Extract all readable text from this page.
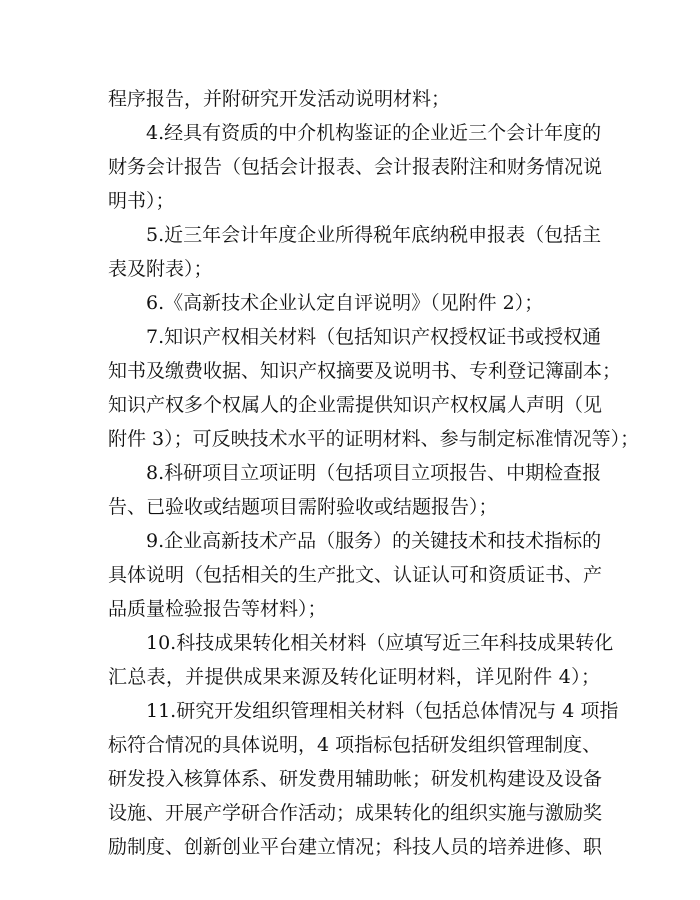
程序报告，并附研究开发活动说明材料；
4.经具有资质的中介机构鉴证的企业近三个会计年度的
财务会计报告（包括会计报表、会计报表附注和财务情况说
明书）；
5.近三年会计年度企业所得税年底纳税申报表（包括主
表及附表）；
6.《高新技术企业认定自评说明》（见附件 2）；
7.知识产权相关材料（包括知识产权授权证书或授权通
知书及缴费收据、知识产权摘要及说明书、专利登记簿副本；
知识产权多个权属人的企业需提供知识产权权属人声明（见
附件 3）；可反映技术水平的证明材料、参与制定标准情况等）；
8.科研项目立项证明（包括项目立项报告、中期检查报
告、已验收或结题项目需附验收或结题报告）；
9.企业高新技术产品（服务）的关键技术和技术指标的
具体说明（包括相关的生产批文、认证认可和资质证书、产
品质量检验报告等材料）；
10.科技成果转化相关材料（应填写近三年科技成果转化
汇总表，并提供成果来源及转化证明材料，详见附件 4）；
11.研究开发组织管理相关材料（包括总体情况与 4 项指
标符合情况的具体说明，4 项指标包括研发组织管理制度、
研发投入核算体系、研发费用辅助帐；研发机构建设及设备
设施、开展产学研合作活动；成果转化的组织实施与激励奖
励制度、创新创业平台建立情况；科技人员的培养进修、职
